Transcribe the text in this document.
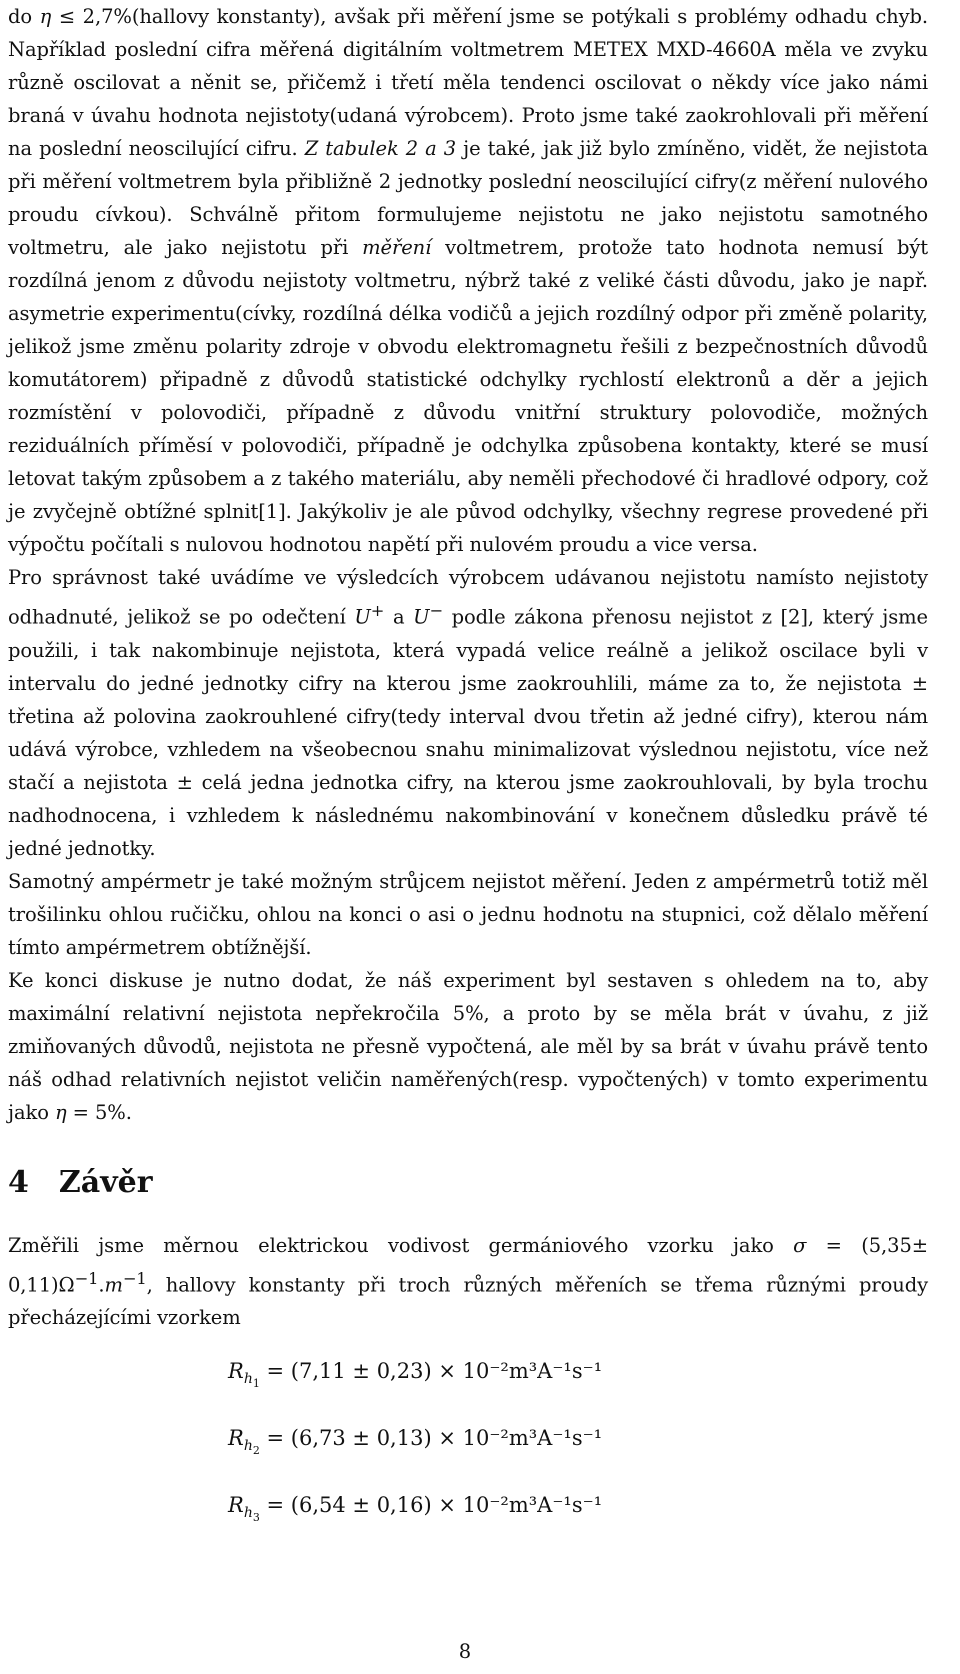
do η ≤ 2,7%(hallovy konstanty), avšak při měření jsme se potýkali s problémy odhadu chyb. Například poslední cifra měřená digitálním voltmetrem METEX MXD-4660A měla ve zvyku různě oscilovat a něnit se, přičemž i třetí měla tendenci oscilovat o někdy více jako námi braná v úvahu hodnota nejistoty(udaná výrobcem). Proto jsme také zaokrohlovali při měření na poslední neoscilující cifru. Z tabulek 2 a 3 je také, jak již bylo zmíněno, vidět, že nejistota při měření voltmetrem byla přibližně 2 jednotky poslední neoscilující cifry(z měření nulového proudu cívkou). Schválně přitom formulujeme nejistotu ne jako nejistotu samotného voltmetru, ale jako nejistotu při měření voltmetrem, protože tato hodnota nemusí být rozdílná jenom z důvodu nejistoty voltmetru, nýbrž také z veliké části důvodu, jako je např. asymetrie experimentu(cívky, rozdílná délka vodičů a jejich rozdílný odpor při změně polarity, jelikož jsme změnu polarity zdroje v obvodu elektromagnetu řešili z bezpečnostních důvodů komutátorem) připadně z důvodů statistické odchylky rychlostí elektronů a děr a jejich rozmístění v polovodiči, případně z důvodu vnitřní struktury polovodiče, možných reziduálních příměsí v polovodiči, případně je odchylka způsobena kontakty, které se musí letovat takým způsobem a z takého materiálu, aby neměli přechodové či hradlové odpory, což je zvyčejně obtížné splnit[1]. Jakýkoliv je ale původ odchylky, všechny regrese provedené při výpočtu počítali s nulovou hodnotou napětí při nulovém proudu a vice versa.

Pro správnost také uvádíme ve výsledcích výrobcem udávanou nejistotu namísto nejistoty odhadnuté, jelikož se po odečtení U+ a U− podle zákona přenosu nejistot z [2], který jsme použili, i tak nakombinuje nejistota, která vypadá velice reálně a jelikož oscilace byli v intervalu do jedné jednotky cifry na kterou jsme zaokrouhlili, máme za to, že nejistota ± třetina až polovina zaokrouhlené cifry(tedy interval dvou třetin až jedné cifry), kterou nám udává výrobce, vzhledem na všeobecnou snahu minimalizovat výslednou nejistotu, více než stačí a nejistota ± celá jedna jednotka cifry, na kterou jsme zaokrouhlovali, by byla trochu nadhodnocena, i vzhledem k následnému nakombinování v konečnem důsledku právě té jedné jednotky.

Samotný ampérmetr je také možným strůjcem nejistot měření. Jeden z ampérmetrů totiž měl trošilinku ohlou ručičku, ohlou na konci o asi o jednu hodnotu na stupnici, což dělalo měření tímto ampérmetrem obtížnější.

Ke konci diskuse je nutno dodat, že náš experiment byl sestaven s ohledem na to, aby maximální relativní nejistota nepřekročila 5%, a proto by se měla brát v úvahu, z již zmiňovaných důvodů, nejistota ne přesně vypočtená, ale měl by sa brát v úvahu právě tento náš odhad relativních nejistot veličin naměřených(resp. vypočtených) v tomto experimentu jako η = 5%.

4 Závěr

Změřili jsme měrnou elektrickou vodivost germániového vzorku jako $\sigma = (5,35\pm 0,11)\Omega^{-1}.m^{-1}$, hallovy konstanty při troch různých měřeních se třema různými proudy přecházejícími vzorkem

$R_{h_1} = (7,11 \pm 0,23) \times 10^{-2}m^3A^{-1}s^{-1}$
$R_{h_2} = (6,73 \pm 0,13) \times 10^{-2}m^3A^{-1}s^{-1}$
$R_{h_3} = (6,54 \pm 0,16) \times 10^{-2}m^3A^{-1}s^{-1}$
8
